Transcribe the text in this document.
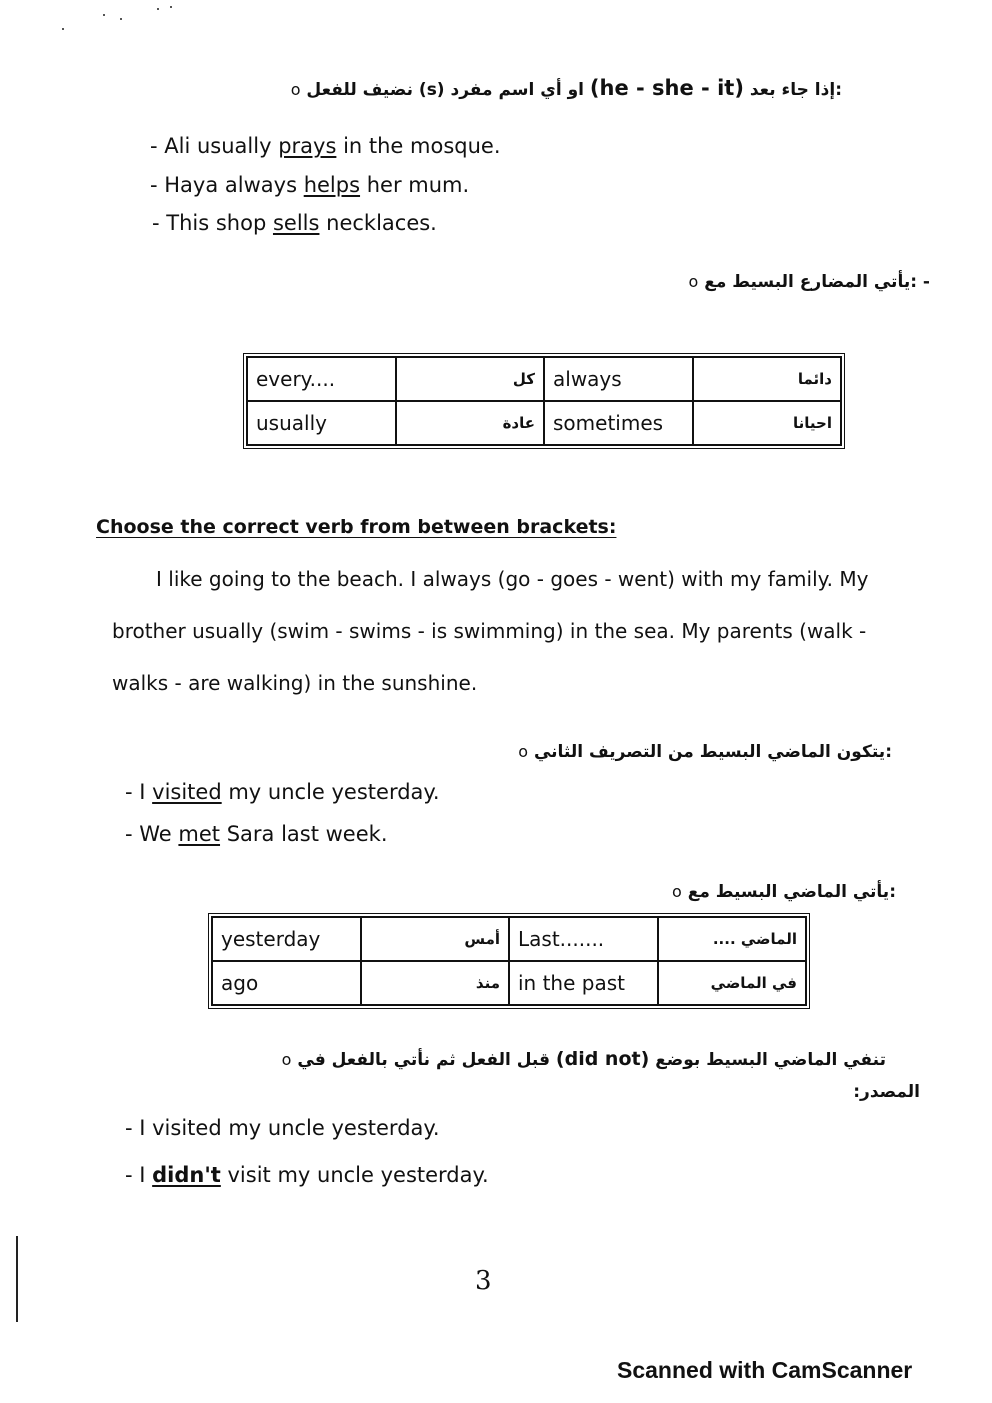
o نضيف للفعل (s) إذا جاء بعد (he - she - it) او أي اسم مفرد:
- Ali usually prays in the mosque.
- Haya always helps her mum.
- This shop sells necklaces.
o يأتي المضارع البسيط مع: -
every....	كل	always	دائما
usually	عادة	sometimes	احيانا
Choose the correct verb from between brackets:
I like going to the beach. I always (go - goes - went) with my family. My
brother usually (swim - swims - is swimming) in the sea. My parents (walk -
walks - are walking) in the sunshine.
o يتكون الماضي البسيط من التصريف الثاني:
- I visited my uncle yesterday.
- We met Sara last week.
o يأتي الماضي البسيط مع:
yesterday	أمس	Last.......	الماضي ....
ago	منذ	in the past	في الماضي
o	تنفي الماضي البسيط بوضع (did not) قبل الفعل ثم نأتي بالفعل في
المصدر:
- I visited my uncle yesterday.
- I didn't visit my uncle yesterday.
3
Scanned with CamScanner
